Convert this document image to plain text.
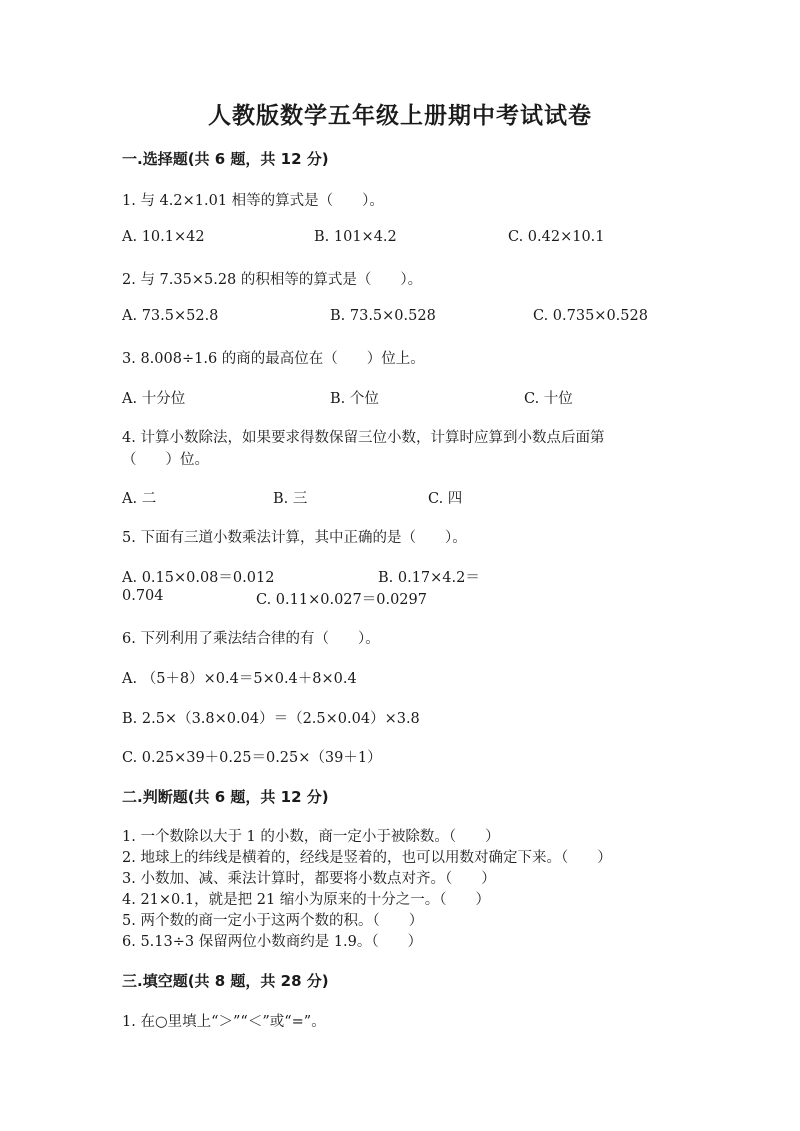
人教版数学五年级上册期中考试试卷
一.选择题(共 6 题，共 12 分)
1. 与 4.2×1.01 相等的算式是（　　）。
A. 10.1×42	B. 101×4.2	C. 0.42×10.1
2. 与 7.35×5.28 的积相等的算式是（　　）。
A. 73.5×52.8	B. 73.5×0.528	C. 0.735×0.528
3. 8.008÷1.6 的商的最高位在（　　）位上。
A. 十分位	B. 个位	C. 十位
4. 计算小数除法，如果要求得数保留三位小数，计算时应算到小数点后面第
（　　）位。
A. 二	B. 三	C. 四
5. 下面有三道小数乘法计算，其中正确的是（　　）。
A. 0.15×0.08＝0.012	B. 0.17×4.2＝
0.704	C. 0.11×0.027＝0.0297
6. 下列利用了乘法结合律的有（　　）。
A. （5＋8）×0.4＝5×0.4＋8×0.4
B. 2.5×（3.8×0.04）＝（2.5×0.04）×3.8
C. 0.25×39＋0.25＝0.25×（39＋1）
二.判断题(共 6 题，共 12 分)
1. 一个数除以大于 1 的小数，商一定小于被除数。（　　）
2. 地球上的纬线是横着的，经线是竖着的，也可以用数对确定下来。（　　）
3. 小数加、减、乘法计算时，都要将小数点对齐。（　　）
4. 21×0.1，就是把 21 缩小为原来的十分之一。（　　）
5. 两个数的商一定小于这两个数的积。（　　）
6. 5.13÷3 保留两位小数商约是 1.9。（　　）
三.填空题(共 8 题，共 28 分)
1. 在○里填上“＞”“＜”或“=”。
